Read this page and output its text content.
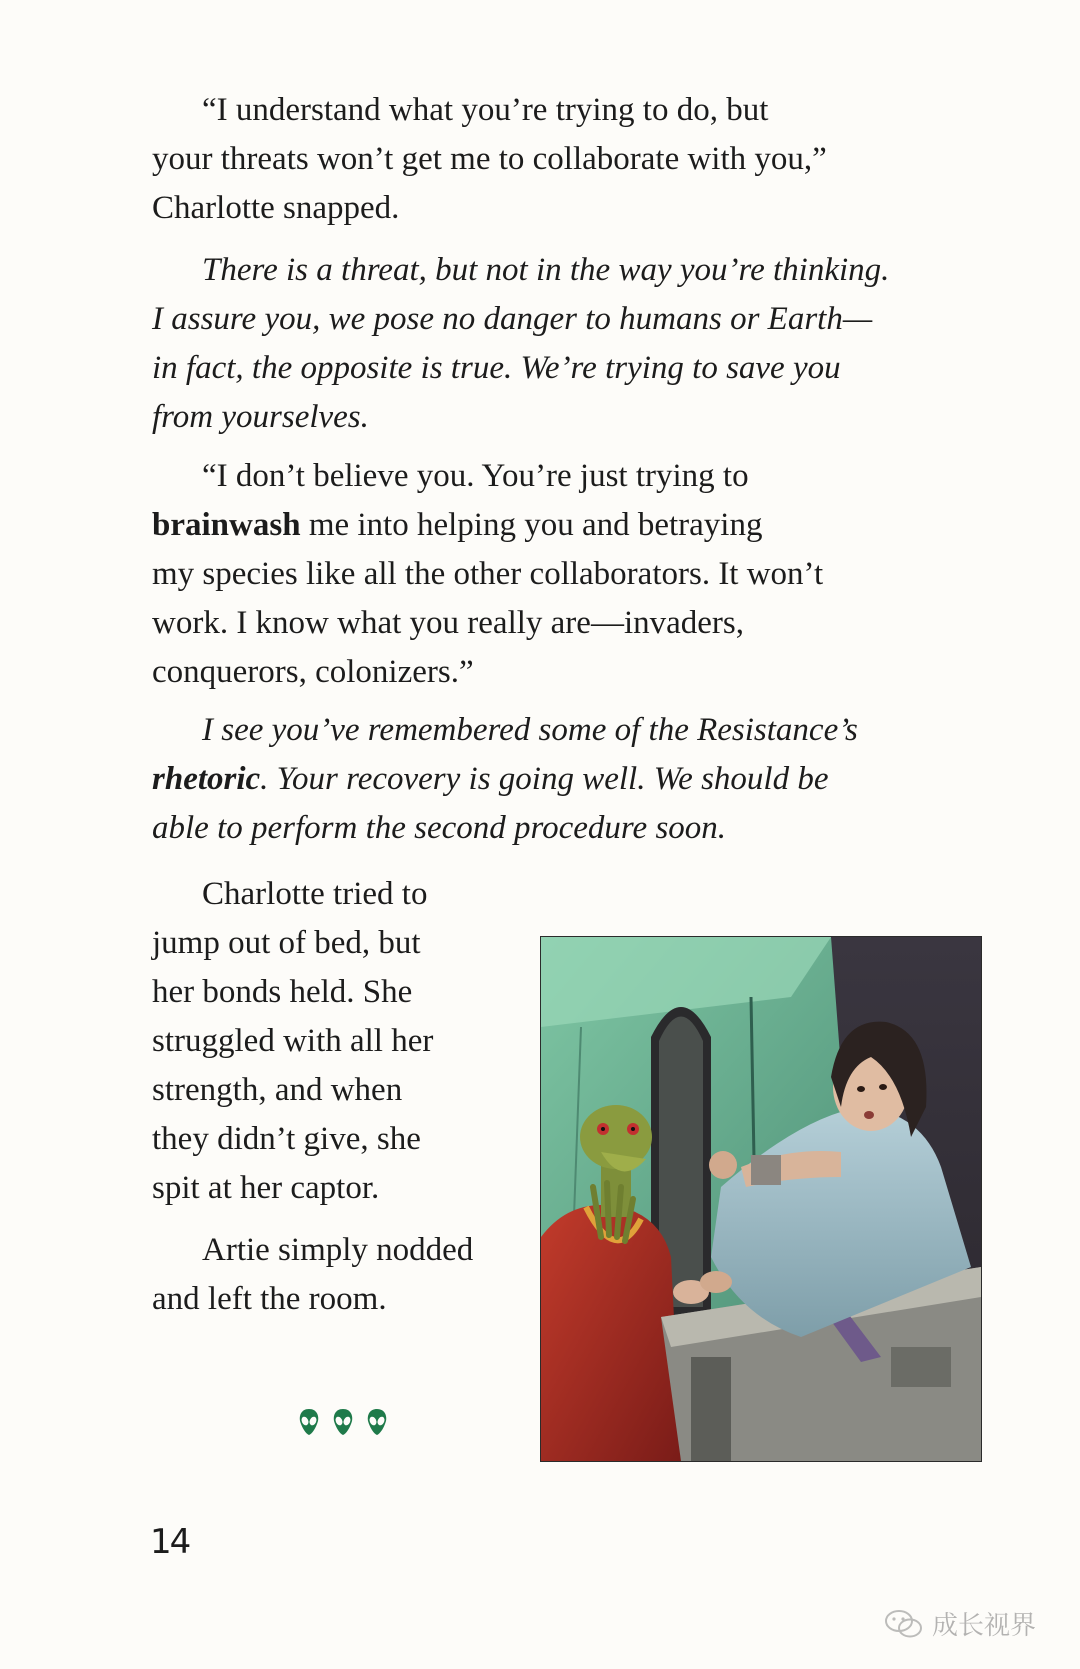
“I understand what you’re trying to do, but
your threats won’t get me to collaborate with you,”
Charlotte snapped.

There is a threat, but not in the way you’re thinking.
I assure you, we pose no danger to humans or Earth—
in fact, the opposite is true. We’re trying to save you
from yourselves.

“I don’t believe you. You’re just trying to
brainwash me into helping you and betraying
my species like all the other collaborators. It won’t
work. I know what you really are—invaders,
conquerors, colonizers.”

I see you’ve remembered some of the Resistance’s
rhetoric. Your recovery is going well. We should be
able to perform the second procedure soon.

Charlotte tried to
jump out of bed, but
her bonds held. She
struggled with all her
strength, and when
they didn’t give, she
spit at her captor.

Artie simply nodded
and left the room.

14
成长视界
